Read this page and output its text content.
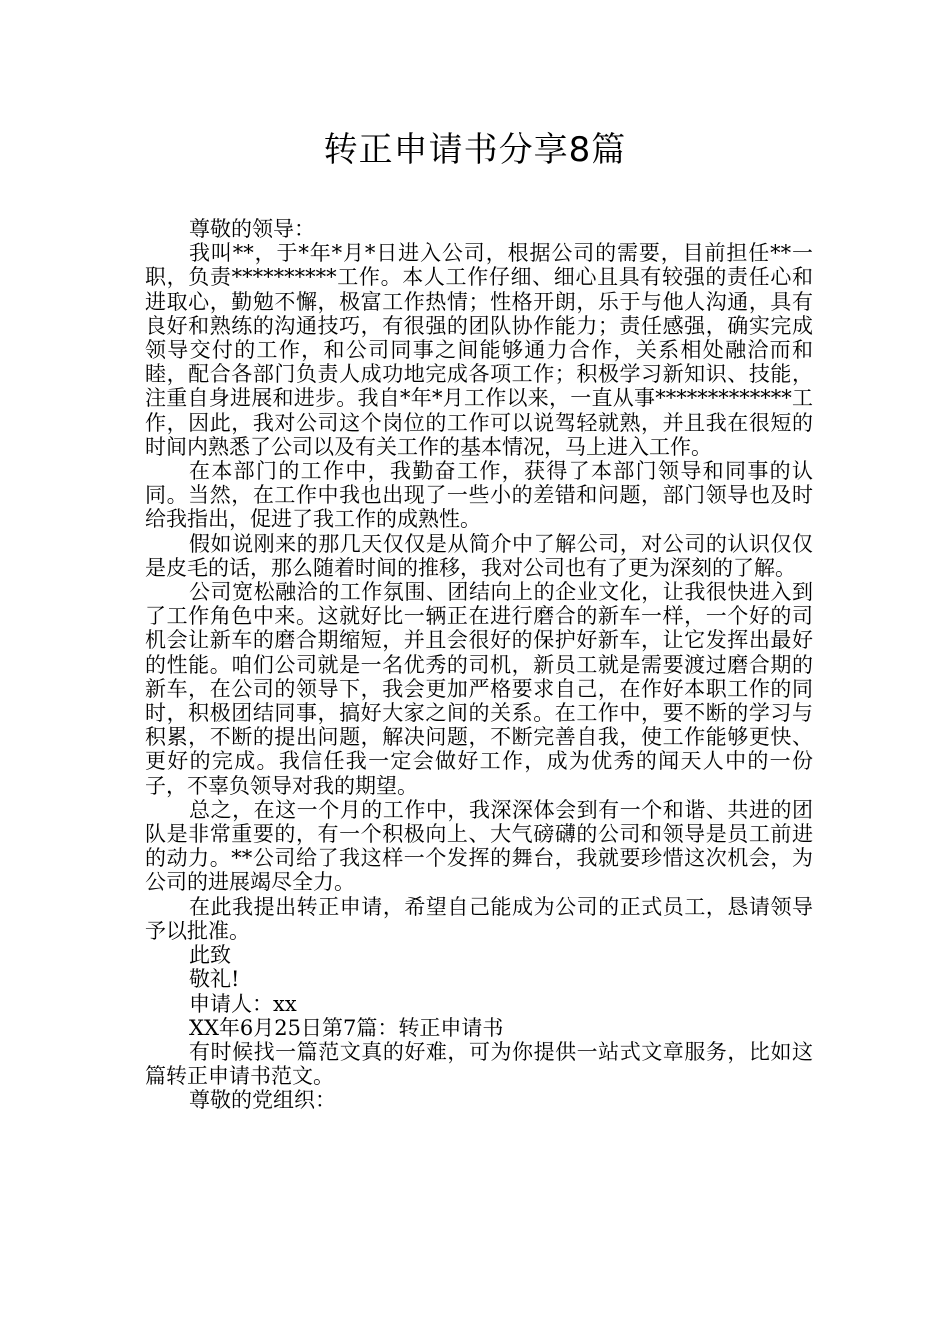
转正申请书分享8篇

尊敬的领导：

我叫**，于*年*月*日进入公司，根据公司的需要，目前担任**一职，负责**********工作。本人工作仔细、细心且具有较强的责任心和进取心，勤勉不懈，极富工作热情；性格开朗，乐于与他人沟通，具有良好和熟练的沟通技巧，有很强的团队协作能力；责任感强，确实完成领导交付的工作，和公司同事之间能够通力合作，关系相处融洽而和睦，配合各部门负责人成功地完成各项工作；积极学习新知识、技能，注重自身进展和进步。我自*年*月工作以来，一直从事*************工作，因此，我对公司这个岗位的工作可以说驾轻就熟，并且我在很短的时间内熟悉了公司以及有关工作的基本情况，马上进入工作。

在本部门的工作中，我勤奋工作，获得了本部门领导和同事的认同。当然，在工作中我也出现了一些小的差错和问题，部门领导也及时给我指出，促进了我工作的成熟性。

假如说刚来的那几天仅仅是从简介中了解公司，对公司的认识仅仅是皮毛的话，那么随着时间的推移，我对公司也有了更为深刻的了解。

公司宽松融洽的工作氛围、团结向上的企业文化，让我很快进入到了工作角色中来。这就好比一辆正在进行磨合的新车一样，一个好的司机会让新车的磨合期缩短，并且会很好的保护好新车，让它发挥出最好的性能。咱们公司就是一名优秀的司机，新员工就是需要渡过磨合期的新车，在公司的领导下，我会更加严格要求自己，在作好本职工作的同时，积极团结同事，搞好大家之间的关系。在工作中，要不断的学习与积累，不断的提出问题，解决问题，不断完善自我，使工作能够更快、更好的完成。我信任我一定会做好工作，成为优秀的闻天人中的一份子，不辜负领导对我的期望。

总之，在这一个月的工作中，我深深体会到有一个和谐、共进的团队是非常重要的，有一个积极向上、大气磅礴的公司和领导是员工前进的动力。**公司给了我这样一个发挥的舞台，我就要珍惜这次机会，为公司的进展竭尽全力。

在此我提出转正申请，希望自己能成为公司的正式员工，恳请领导予以批准。

此致

敬礼!

申请人：xx

XX年6月25日第7篇：转正申请书

有时候找一篇范文真的好难，可为你提供一站式文章服务，比如这篇转正申请书范文。

尊敬的党组织：
